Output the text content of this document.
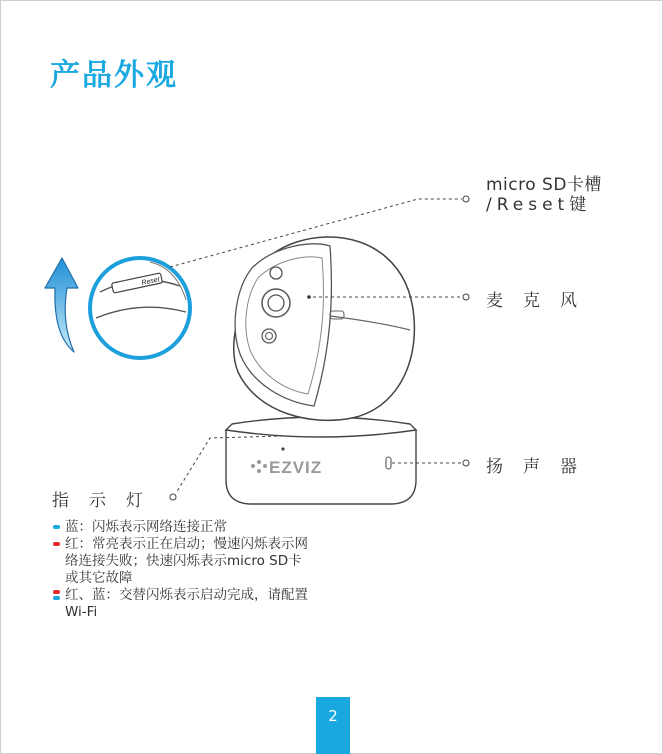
产品外观
EZVIZ
Reset
micro SD卡槽
/Reset键
麦克风
扬声器
指示灯
蓝：闪烁表示网络连接正常
红：常亮表示正在启动；慢速闪烁表示网络连接失败；快速闪烁表示micro SD卡或其它故障
红、蓝：交替闪烁表示启动完成，请配置Wi-Fi
2
